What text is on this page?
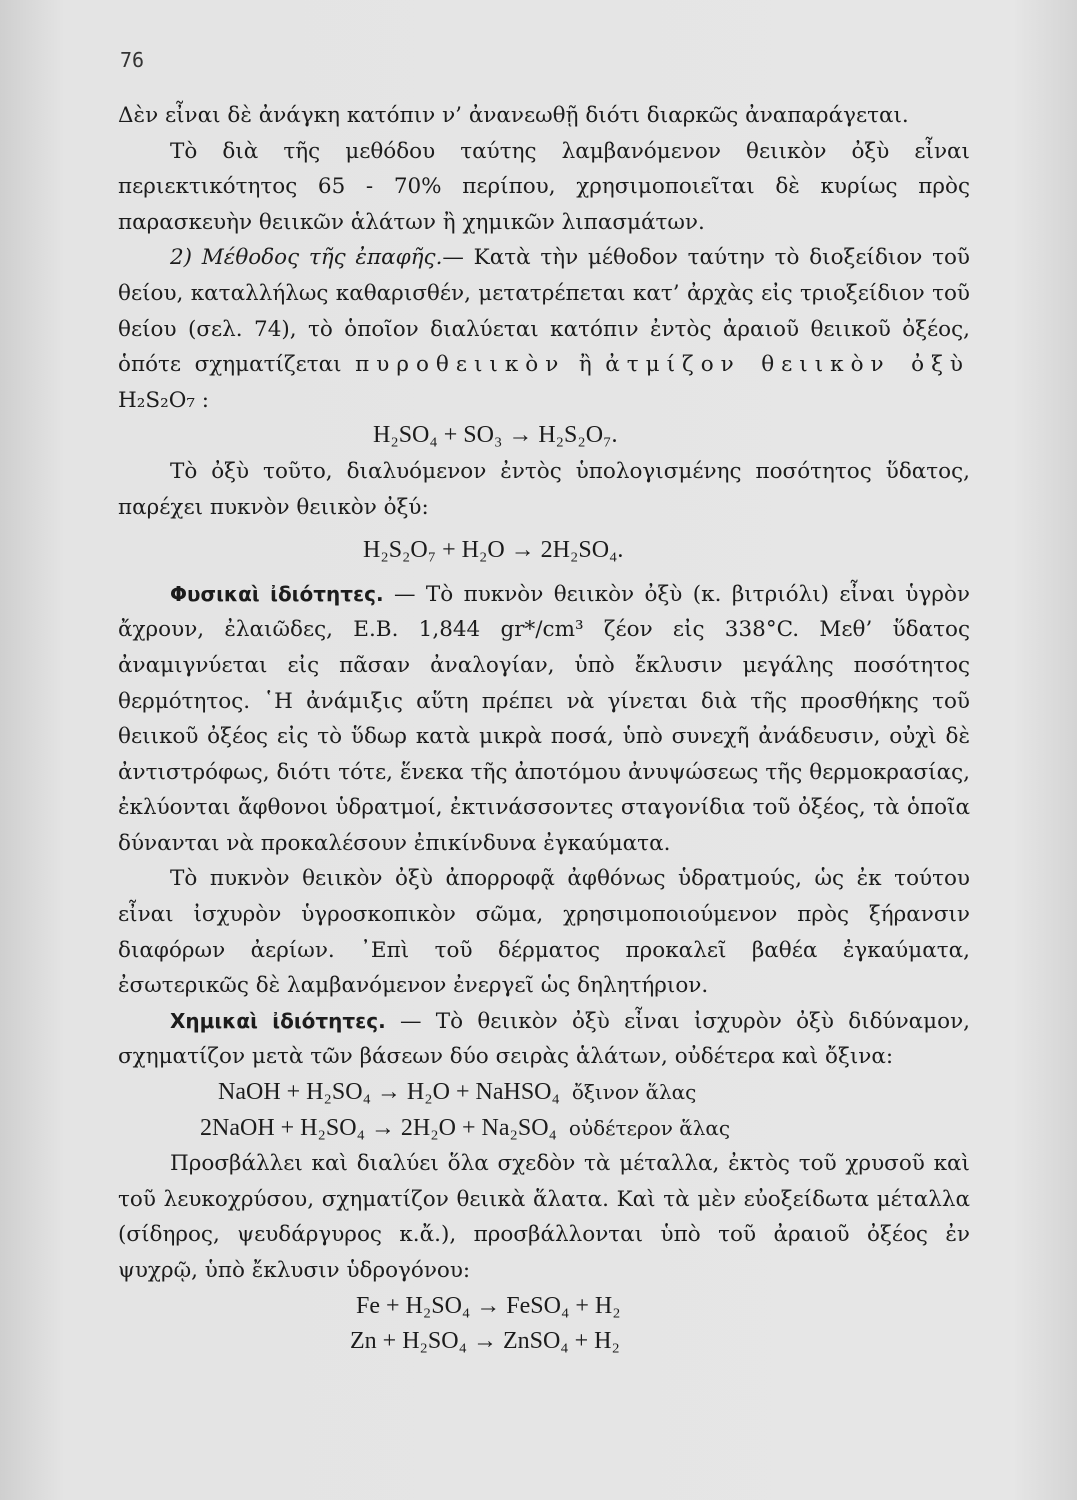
76

Δὲν εἶναι δὲ ἀνάγκη κατόπιν ν’ ἀνανεωθῇ διότι διαρκῶς ἀναπαράγεται.

Τὸ διὰ τῆς μεθόδου ταύτης λαμβανόμενον θειικὸν ὀξὺ εἶναι περιεκτικότητος 65 - 70% περίπου, χρησιμοποιεῖται δὲ κυρίως πρὸς παρασκευὴν θειικῶν ἁλάτων ἢ χημικῶν λιπασμάτων.

2) Μέθοδος τῆς ἐπαφῆς.— Κατὰ τὴν μέθοδον ταύτην τὸ διοξείδιον τοῦ θείου, καταλλήλως καθαρισθέν, μετατρέπεται κατ’ ἀρχὰς εἰς τριοξείδιον τοῦ θείου (σελ. 74), τὸ ὁποῖον διαλύεται κατόπιν ἐντὸς ἀραιοῦ θειικοῦ ὀξέος, ὁπότε σχηματίζεται πυροθειικὸν ἢ ἀτμίζον θειικὸν ὀξὺ H₂S₂O₇ :

H₂SO₄ + SO₃ → H₂S₂O₇.

Τὸ ὀξὺ τοῦτο, διαλυόμενον ἐντὸς ὑπολογισμένης ποσότητος ὕδατος, παρέχει πυκνὸν θειικὸν ὀξύ:

H₂S₂O₇ + H₂O → 2H₂SO₄.

Φυσικαὶ ἰδιότητες. — Τὸ πυκνὸν θειικὸν ὀξὺ (κ. βιτριόλι) εἶναι ὑγρὸν ἄχρουν, ἐλαιῶδες, Ε.Β. 1,844 gr*/cm³ ζέον εἰς 338°C. Μεθ’ ὕδατος ἀναμιγνύεται εἰς πᾶσαν ἀναλογίαν, ὑπὸ ἔκλυσιν μεγάλης ποσότητος θερμότητος. ῾Η ἀνάμιξις αὕτη πρέπει νὰ γίνεται διὰ τῆς προσθήκης τοῦ θειικοῦ ὀξέος εἰς τὸ ὕδωρ κατὰ μικρὰ ποσά, ὑπὸ συνεχῆ ἀνάδευσιν, οὐχὶ δὲ ἀντιστρόφως, διότι τότε, ἕνεκα τῆς ἀποτόμου ἀνυψώσεως τῆς θερμοκρασίας, ἐκλύονται ἄφθονοι ὑδρατμοί, ἐκτινάσσοντες σταγονίδια τοῦ ὀξέος, τὰ ὁποῖα δύνανται νὰ προκαλέσουν ἐπικίνδυνα ἐγκαύματα.

Τὸ πυκνὸν θειικὸν ὀξὺ ἀπορροφᾷ ἀφθόνως ὑδρατμούς, ὡς ἐκ τούτου εἶναι ἰσχυρὸν ὑγροσκοπικὸν σῶμα, χρησιμοποιούμενον πρὸς ξήρανσιν διαφόρων ἀερίων. ᾿Επὶ τοῦ δέρματος προκαλεῖ βαθέα ἐγκαύματα, ἐσωτερικῶς δὲ λαμβανόμενον ἐνεργεῖ ὡς δηλητήριον.

Χημικαὶ ἰδιότητες. — Τὸ θειικὸν ὀξὺ εἶναι ἰσχυρὸν ὀξὺ διδύναμον, σχηματίζον μετὰ τῶν βάσεων δύο σειρὰς ἁλάτων, οὐδέτερα καὶ ὄξινα:

NaOH + H₂SO₄ → H₂O + NaHSO₄ ὄξινον ἅλας
2NaOH + H₂SO₄ → 2H₂O + Na₂SO₄ οὐδέτερον ἅλας

Προσβάλλει καὶ διαλύει ὅλα σχεδὸν τὰ μέταλλα, ἐκτὸς τοῦ χρυσοῦ καὶ τοῦ λευκοχρύσου, σχηματίζον θειικὰ ἅλατα. Καὶ τὰ μὲν εὐοξείδωτα μέταλλα (σίδηρος, ψευδάργυρος κ.ἄ.), προσβάλλονται ὑπὸ τοῦ ἀραιοῦ ὀξέος ἐν ψυχρῷ, ὑπὸ ἔκλυσιν ὑδρογόνου:

Fe + H₂SO₄ → FeSO₄ + H₂
Zn + H₂SO₄ → ZnSO₄ + H₂
